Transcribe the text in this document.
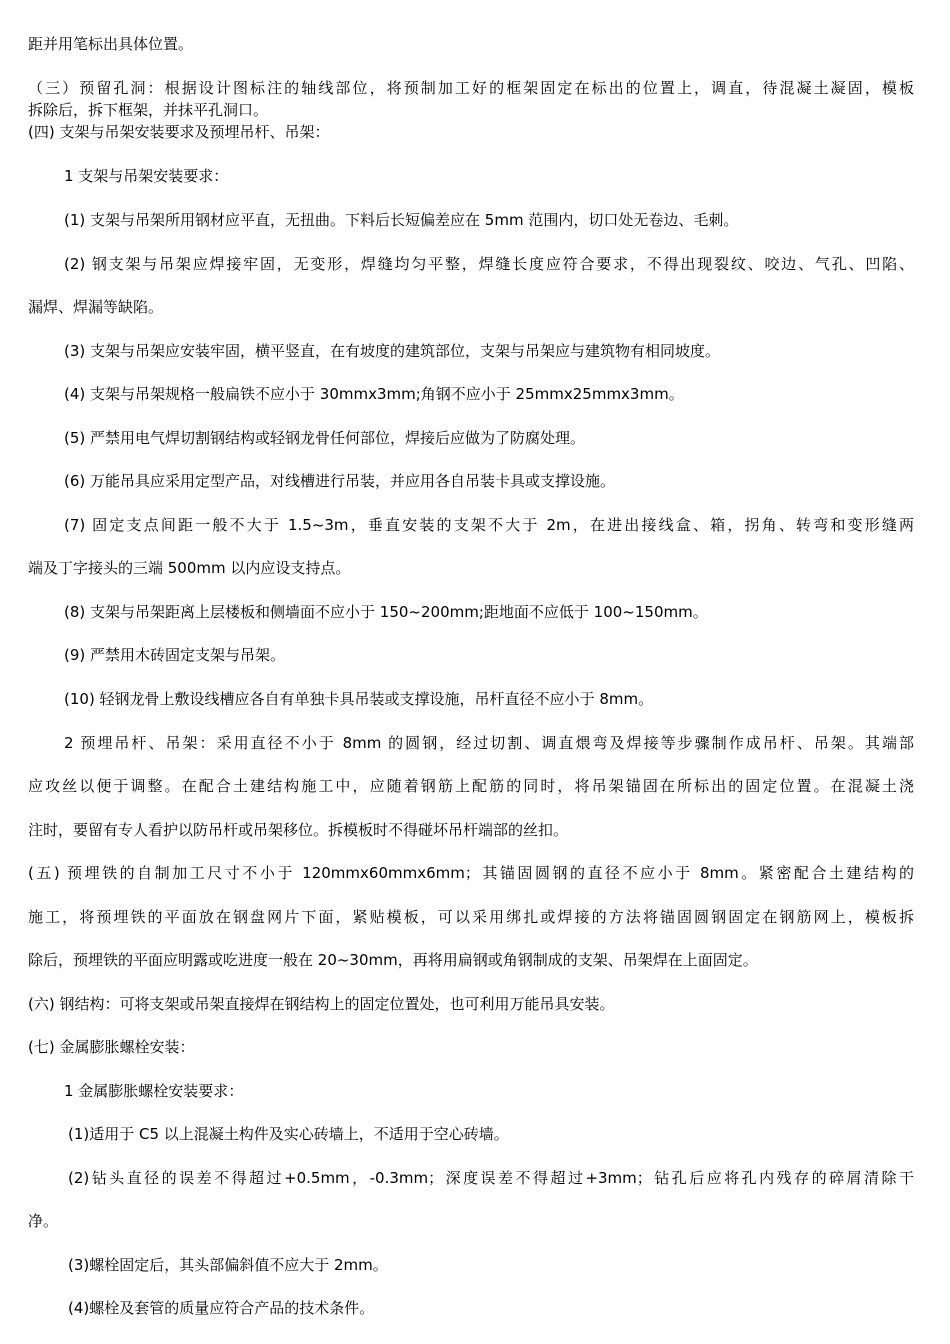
距并用笔标出具体位置。
（三）预留孔洞：根据设计图标注的轴线部位，将预制加工好的框架固定在标出的位置上，调直，待混凝土凝固，模板
拆除后，拆下框架，并抹平孔洞口。
(四) 支架与吊架安装要求及预埋吊杆、吊架：
1 支架与吊架安装要求：
(1) 支架与吊架所用钢材应平直，无扭曲。下料后长短偏差应在 5mm 范围内，切口处无卷边、毛刺。
(2) 钢支架与吊架应焊接牢固，无变形，焊缝均匀平整，焊缝长度应符合要求，不得出现裂纹、咬边、气孔、凹陷、
漏焊、焊漏等缺陷。
(3) 支架与吊架应安装牢固，横平竖直，在有坡度的建筑部位，支架与吊架应与建筑物有相同坡度。
(4) 支架与吊架规格一般扁铁不应小于 30mmx3mm;角钢不应小于 25mmx25mmx3mm。
(5) 严禁用电气焊切割钢结构或轻钢龙骨任何部位，焊接后应做为了防腐处理。
(6) 万能吊具应采用定型产品，对线槽进行吊装，并应用各自吊装卡具或支撑设施。
(7) 固定支点间距一般不大于 1.5~3m，垂直安装的支架不大于 2m，在进出接线盒、箱，拐角、转弯和变形缝两
端及丁字接头的三端 500mm 以内应设支持点。
(8) 支架与吊架距离上层楼板和侧墙面不应小于 150~200mm;距地面不应低于 100~150mm。
(9) 严禁用木砖固定支架与吊架。
(10) 轻钢龙骨上敷设线槽应各自有单独卡具吊装或支撑设施，吊杆直径不应小于 8mm。
2 预埋吊杆、吊架：采用直径不小于 8mm 的圆钢，经过切割、调直煨弯及焊接等步骤制作成吊杆、吊架。其端部
应攻丝以便于调整。在配合土建结构施工中，应随着钢筋上配筋的同时，将吊架锚固在所标出的固定位置。在混凝土浇
注时，要留有专人看护以防吊杆或吊架移位。拆模板时不得碰坏吊杆端部的丝扣。
(五) 预埋铁的自制加工尺寸不小于 120mmx60mmx6mm；其锚固圆钢的直径不应小于 8mm。紧密配合土建结构的
施工，将预埋铁的平面放在钢盘网片下面，紧贴模板，可以采用绑扎或焊接的方法将锚固圆钢固定在钢筋网上，模板拆
除后，预埋铁的平面应明露或吃进度一般在 20~30mm，再将用扁钢或角钢制成的支架、吊架焊在上面固定。
(六) 钢结构：可将支架或吊架直接焊在钢结构上的固定位置处，也可利用万能吊具安装。
(七) 金属膨胀螺栓安装：
1 金属膨胀螺栓安装要求：
(1)适用于 C5 以上混凝土构件及实心砖墙上，不适用于空心砖墙。
(2)钻头直径的误差不得超过+0.5mm，-0.3mm；深度误差不得超过+3mm；钻孔后应将孔内残存的碎屑清除干
净。
(3)螺栓固定后，其头部偏斜值不应大于 2mm。
(4)螺栓及套管的质量应符合产品的技术条件。
